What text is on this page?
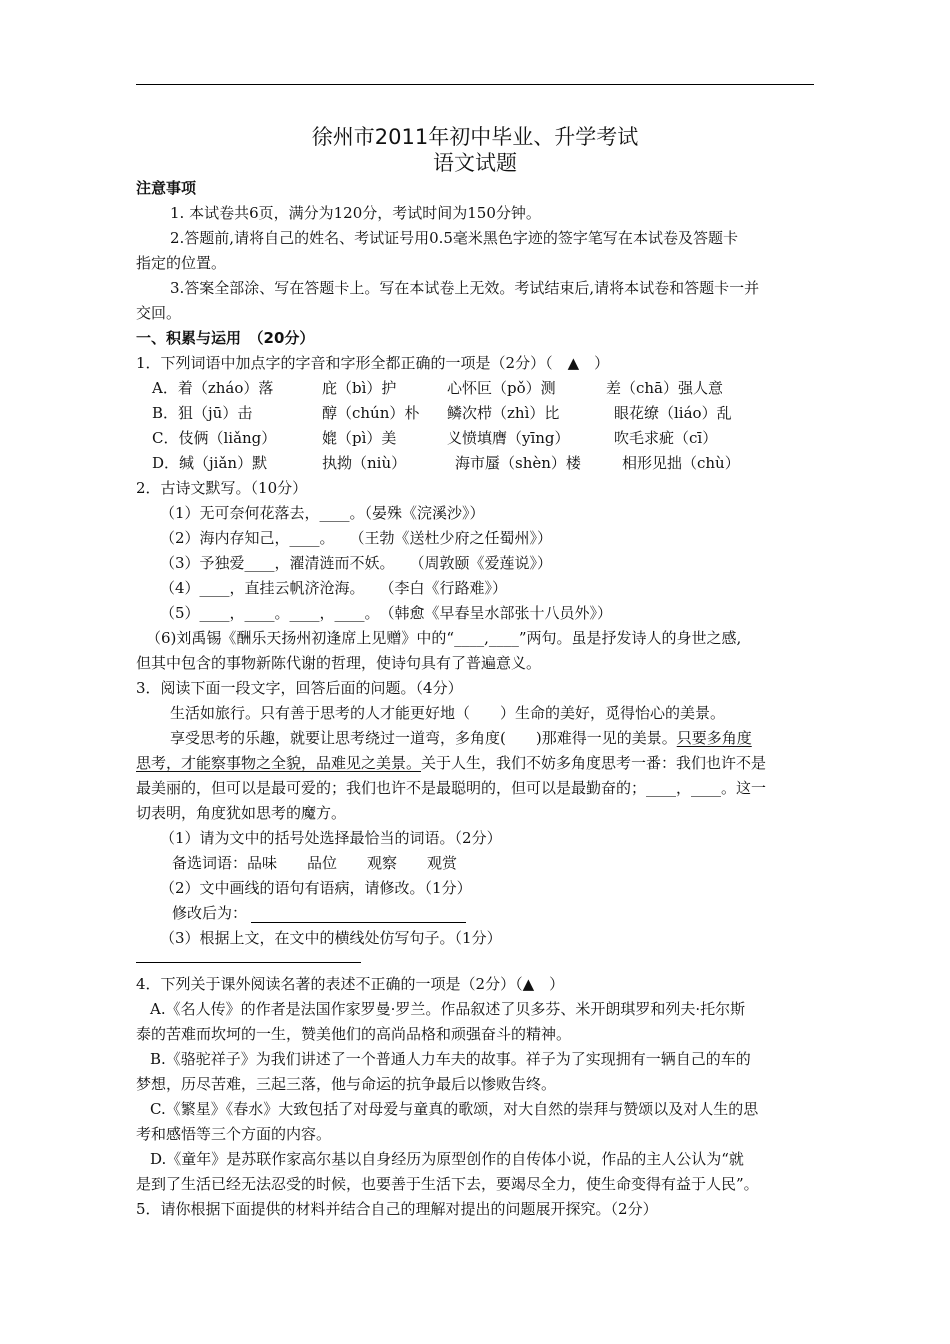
徐州市2011年初中毕业、升学考试
语文试题
注意事项
1. 本试卷共6页，满分为120分，考试时间为150分钟。
2.答题前,请将自己的姓名、考试证号用0.5毫米黑色字迹的签字笔写在本试卷及答题卡
指定的位置。
3.答案全部涂、写在答题卡上。写在本试卷上无效。考试结束后,请将本试卷和答题卡一并
交回。
一、积累与运用　（20分）
1．下列词语中加点字的字音和字形全都正确的一项是（2分）（　▲　）
A．着（zháo）落	庇（bì）护	心怀叵（pǒ）测	差（chā）强人意
B．狙（jū）击	醇（chún）朴 鳞次栉（zhì）比	眼花缭（liáo）乱
C．伎俩（liǎng）	媲（pì）美	义愤填膺（yīng）	吹毛求疵（cī）
D．缄（jiǎn）默	执拗（niù）	海市蜃（shèn）楼	相形见拙（chù）
2．古诗文默写。（10分）
（1）无可奈何花落去，____。（晏殊《浣溪沙》）
（2）海内存知己，____。　　（王勃《送杜少府之任蜀州》）
（3）予独爱____，濯清涟而不妖。　　（周敦颐《爱莲说》）
（4）____，直挂云帆济沧海。　　（李白《行路难》）
（5）____，____。____，____。　（韩愈《早春呈水部张十八员外》）
（6)刘禹锡《酬乐天扬州初逢席上见赠》中的“____,____”两句。虽是抒发诗人的身世之感,
但其中包含的事物新陈代谢的哲理，使诗句具有了普遍意义。
3．阅读下面一段文字，回答后面的问题。（4分）
生活如旅行。只有善于思考的人才能更好地（　　）生命的美好，觅得怡心的美景。
享受思考的乐趣，就要让思考绕过一道弯，多角度(　　)那难得一见的美景。只要多角度
思考，才能察事物之全貌，品难见之美景。关于人生，我们不妨多角度思考一番：我们也许不是
最美丽的，但可以是最可爱的；我们也许不是最聪明的，但可以是最勤奋的；____，____。这一
切表明，角度犹如思考的魔方。
（1）请为文中的括号处选择最恰当的词语。（2分）
备选词语：品味　　品位　　观察　　观赏
（2）文中画线的语句有语病，请修改。（1分）
修改后为：
（3）根据上文，在文中的横线处仿写句子。（1分）
4．下列关于课外阅读名著的表述不正确的一项是（2分）（▲　）
A.《名人传》的作者是法国作家罗曼·罗兰。作品叙述了贝多芬、米开朗琪罗和列夫·托尔斯
泰的苦难而坎坷的一生，赞美他们的高尚品格和顽强奋斗的精神。
B.《骆驼祥子》为我们讲述了一个普通人力车夫的故事。祥子为了实现拥有一辆自己的车的
梦想，历尽苦难，三起三落，他与命运的抗争最后以惨败告终。
C.《繁星》《春水》大致包括了对母爱与童真的歌颂，对大自然的崇拜与赞颂以及对人生的思
考和感悟等三个方面的内容。
D.《童年》是苏联作家高尔基以自身经历为原型创作的自传体小说，作品的主人公认为“就
是到了生活已经无法忍受的时候，也要善于生活下去，要竭尽全力，使生命变得有益于人民”。
5．请你根据下面提供的材料并结合自己的理解对提出的问题展开探究。（2分）
